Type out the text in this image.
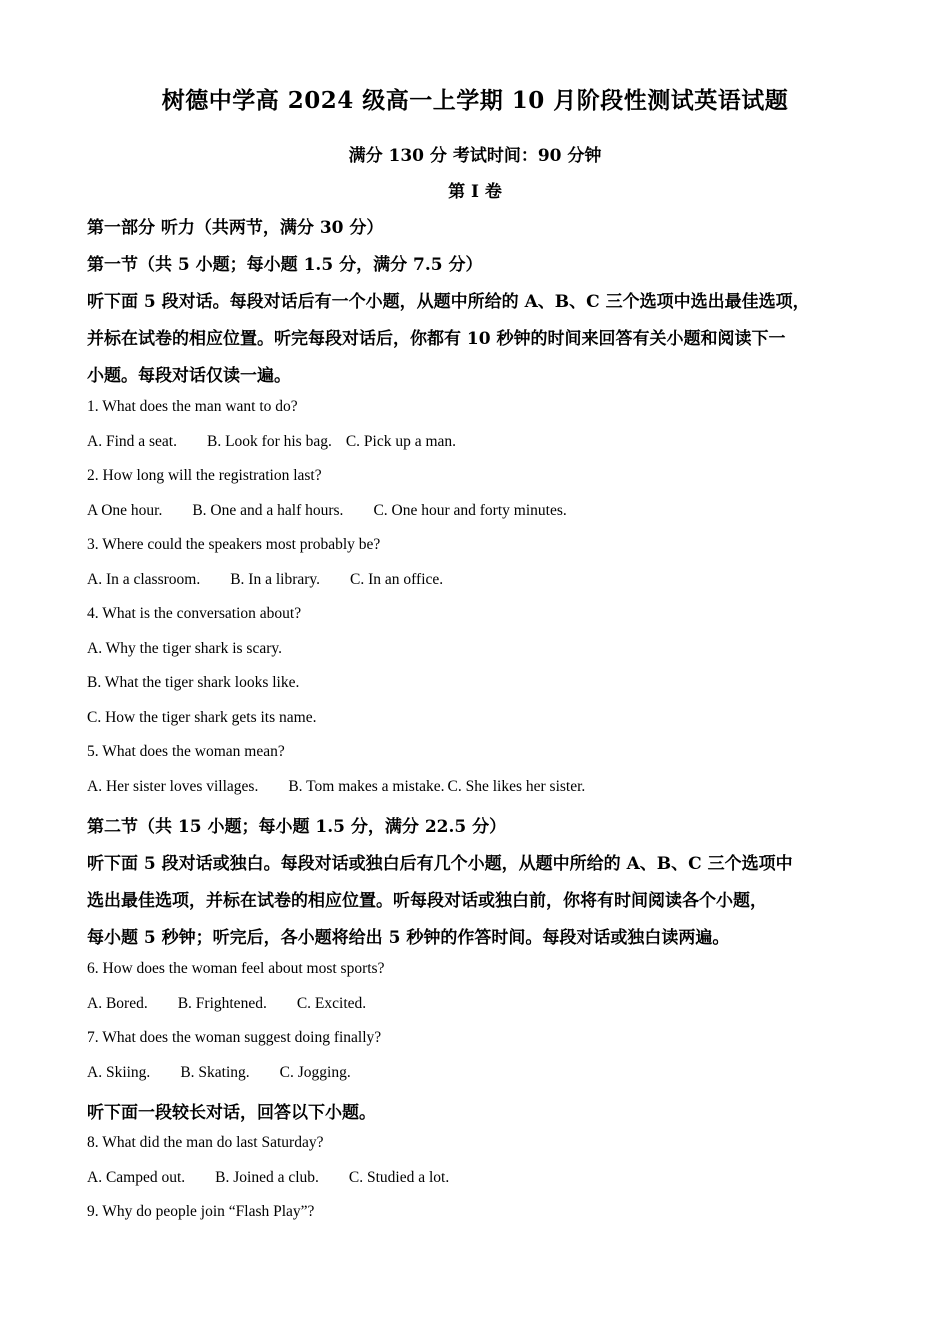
树德中学高 2024 级高一上学期 10 月阶段性测试英语试题
满分 130 分 考试时间：90 分钟
第 I 卷
第一部分 听力（共两节，满分 30 分）
第一节（共 5 小题；每小题 1.5 分，满分 7.5 分）
听下面 5 段对话。每段对话后有一个小题，从题中所给的 A、B、C 三个选项中选出最佳选项，
并标在试卷的相应位置。听完每段对话后，你都有 10 秒钟的时间来回答有关小题和阅读下一
小题。每段对话仅读一遍。
1. What does the man want to do?
A. Find a seat. B. Look for his bag. C. Pick up a man.
2. How long will the registration last?
A One hour. B. One and a half hours. C. One hour and forty minutes.
3. Where could the speakers most probably be?
A. In a classroom. B. In a library. C. In an office.
4. What is the conversation about?
A. Why the tiger shark is scary.
B. What the tiger shark looks like.
C. How the tiger shark gets its name.
5. What does the woman mean?
A. Her sister loves villages. B. Tom makes a mistake. C. She likes her sister.
第二节（共 15 小题；每小题 1.5 分，满分 22.5 分）
听下面 5 段对话或独白。每段对话或独白后有几个小题，从题中所给的 A、B、C 三个选项中
选出最佳选项，并标在试卷的相应位置。听每段对话或独白前，你将有时间阅读各个小题，
每小题 5 秒钟；听完后，各小题将给出 5 秒钟的作答时间。每段对话或独白读两遍。
6. How does the woman feel about most sports?
A. Bored. B. Frightened. C. Excited.
7. What does the woman suggest doing finally?
A. Skiing. B. Skating. C. Jogging.
听下面一段较长对话，回答以下小题。
8. What did the man do last Saturday?
A. Camped out. B. Joined a club. C. Studied a lot.
9. Why do people join “Flash Play”?
